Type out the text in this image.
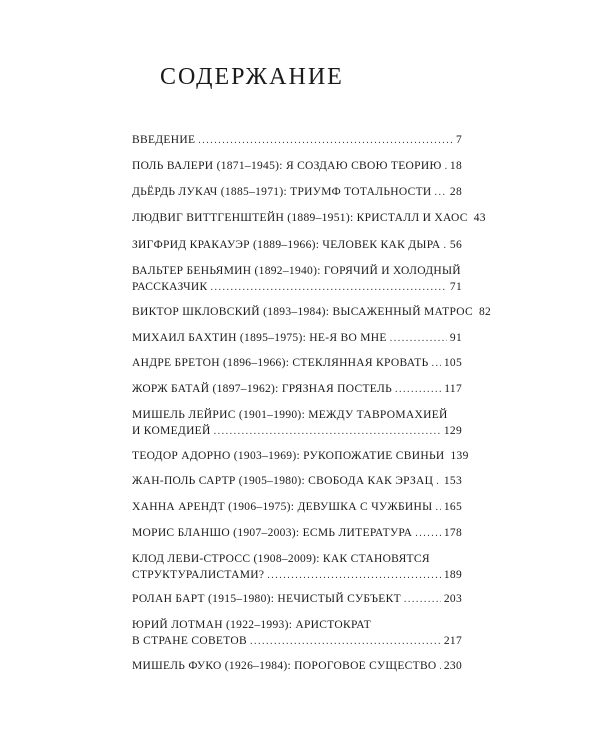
СОДЕРЖАНИЕ
ВВЕДЕНИЕ .....	7
ПОЛЬ ВАЛЕРИ (1871–1945): Я СОЗДАЮ СВОЮ ТЕОРИЮ ..... 18
ДЬЁРДЬ ЛУКАЧ (1885–1971): ТРИУМФ ТОТАЛЬНОСТИ ..... 28
ЛЮДВИГ ВИТТГЕНШТЕЙН (1889–1951): КРИСТАЛЛ И ХАОС 43
ЗИГФРИД КРАКАУЭР (1889–1966): ЧЕЛОВЕК КАК ДЫРА ..... 56
ВАЛЬТЕР БЕНЬЯМИН (1892–1940): ГОРЯЧИЙ И ХОЛОДНЫЙ
РАССКАЗЧИК .....	71
ВИКТОР ШКЛОВСКИЙ (1893–1984): ВЫСАЖЕННЫЙ МАТРОС 82
МИХАИЛ БАХТИН (1895–1975): НЕ-Я ВО МНЕ .....	91
АНДРЕ БРЕТОН (1896–1966): СТЕКЛЯННАЯ КРОВАТЬ ..... 105
ЖОРЖ БАТАЙ (1897–1962): ГРЯЗНАЯ ПОСТЕЛЬ .....	117
МИШЕЛЬ ЛЕЙРИС (1901–1990): МЕЖДУ ТАВРОМАХИЕЙ
И КОМЕДИЕЙ .....	129
ТЕОДОР АДОРНО (1903–1969): РУКОПОЖАТИЕ СВИНЬИ 139
ЖАН-ПОЛЬ САРТР (1905–1980): СВОБОДА КАК ЭРЗАЦ ..... 153
ХАННА АРЕНДТ (1906–1975): ДЕВУШКА С ЧУЖБИНЫ ..... 165
МОРИС БЛАНШО (1907–2003): ЕСМЬ ЛИТЕРАТУРА .....	178
КЛОД ЛЕВИ-СТРОСС (1908–2009): КАК СТАНОВЯТСЯ
СТРУКТУРАЛИСТАМИ? .....	189
РОЛАН БАРТ (1915–1980): НЕЧИСТЫЙ СУБЪЕКТ .....	203
ЮРИЙ ЛОТМАН (1922–1993): АРИСТОКРАТ
В СТРАНЕ СОВЕТОВ .....	217
МИШЕЛЬ ФУКО (1926–1984): ПОРОГОВОЕ СУЩЕСТВО ..... 230
